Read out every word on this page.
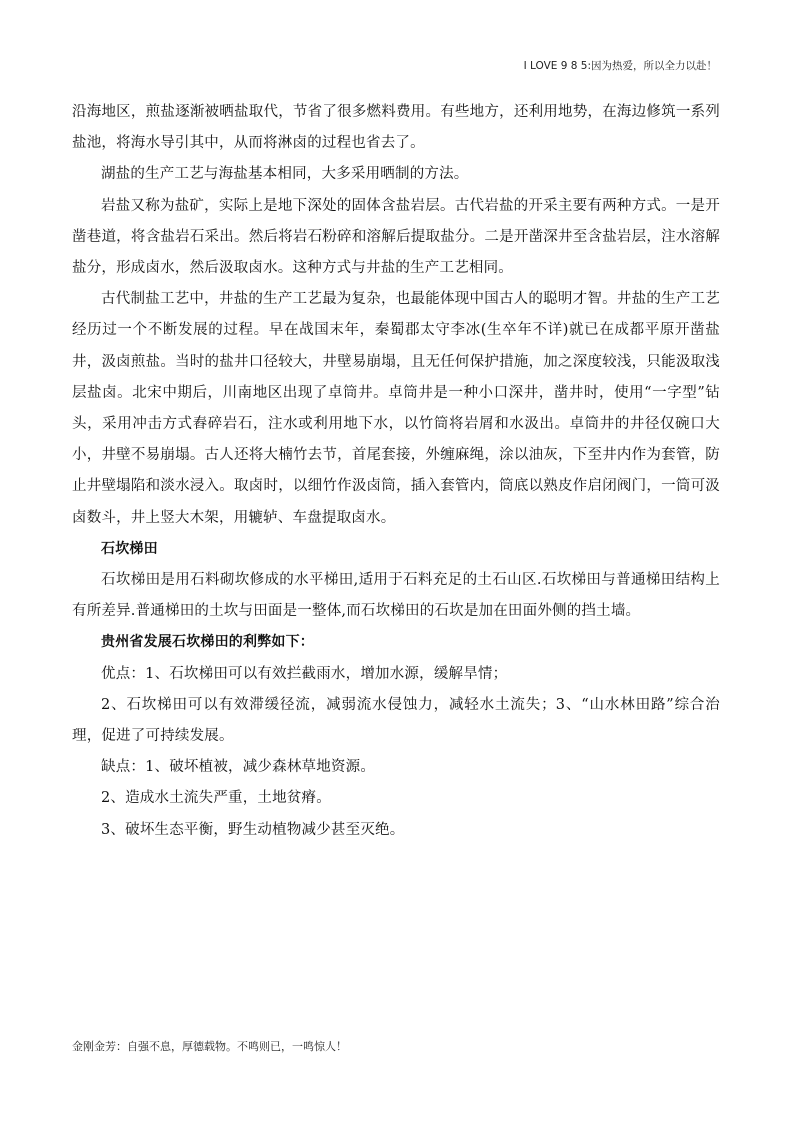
I LOVE 9 8 5:因为热爱，所以全力以赴！

沿海地区，煎盐逐渐被晒盐取代，节省了很多燃料费用。有些地方，还利用地势，在海边修筑一系列盐池，将海水导引其中，从而将淋卤的过程也省去了。

湖盐的生产工艺与海盐基本相同，大多采用晒制的方法。

岩盐又称为盐矿，实际上是地下深处的固体含盐岩层。古代岩盐的开采主要有两种方式。一是开凿巷道，将含盐岩石采出。然后将岩石粉碎和溶解后提取盐分。二是开凿深井至含盐岩层，注水溶解盐分，形成卤水，然后汲取卤水。这种方式与井盐的生产工艺相同。

古代制盐工艺中，井盐的生产工艺最为复杂，也最能体现中国古人的聪明才智。井盐的生产工艺经历过一个不断发展的过程。早在战国末年，秦蜀郡太守李冰(生卒年不详)就已在成都平原开凿盐井，汲卤煎盐。当时的盐井口径较大，井壁易崩塌，且无任何保护措施，加之深度较浅，只能汲取浅层盐卤。北宋中期后，川南地区出现了卓筒井。卓筒井是一种小口深井，凿井时，使用“一字型”钻头，采用冲击方式舂碎岩石，注水或利用地下水，以竹筒将岩屑和水汲出。卓筒井的井径仅碗口大小，井壁不易崩塌。古人还将大楠竹去节，首尾套接，外缠麻绳，涂以油灰，下至井内作为套管，防止井壁塌陷和淡水浸入。取卤时，以细竹作汲卤筒，插入套管内，筒底以熟皮作启闭阀门，一筒可汲卤数斗，井上竖大木架，用辘轳、车盘提取卤水。

石坎梯田

石坎梯田是用石料砌坎修成的水平梯田,适用于石料充足的土石山区.石坎梯田与普通梯田结构上有所差异.普通梯田的土坎与田面是一整体,而石坎梯田的石坎是加在田面外侧的挡土墙。

贵州省发展石坎梯田的利弊如下：

优点：1、石坎梯田可以有效拦截雨水，增加水源，缓解旱情；

2、石坎梯田可以有效滞缓径流，减弱流水侵蚀力，减轻水土流失；3、“山水林田路”综合治理，促进了可持续发展。

缺点：1、破坏植被，减少森林草地资源。

2、造成水土流失严重，土地贫瘠。

3、破坏生态平衡，野生动植物减少甚至灭绝。

金刚金芳：自强不息，厚德载物。不鸣则已，一鸣惊人！
